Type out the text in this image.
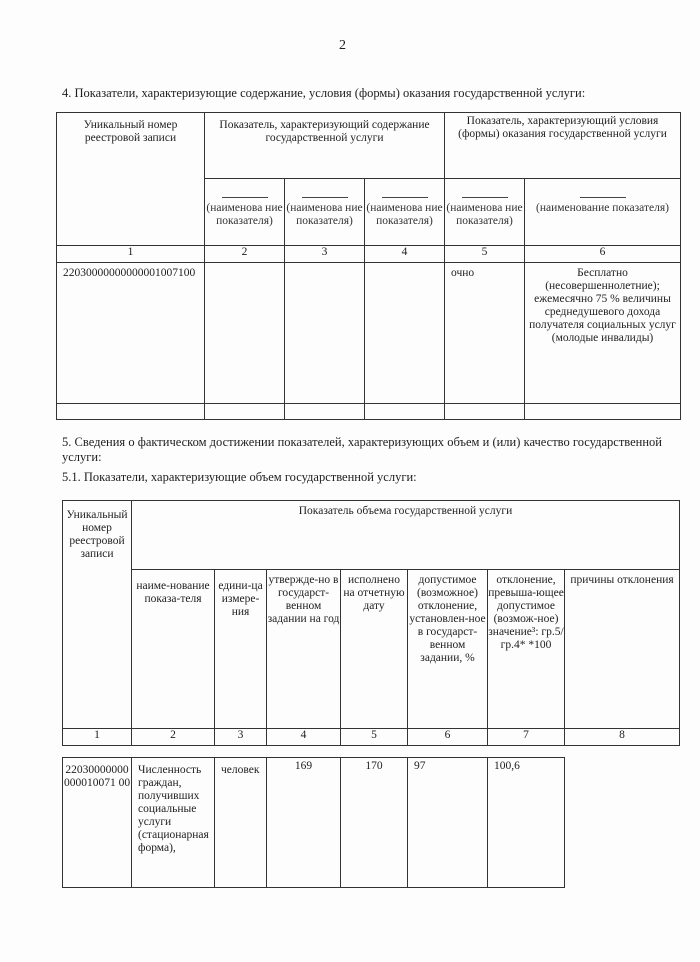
2
4. Показатели, характеризующие содержание, условия (формы) оказания государственной услуги:
Уникальный номер реестровой записи	Показатель, характеризующий содержание государственной услуги			Показатель, характеризующий условия (формы) оказания государственной услуги	

(наименова ние показателя)	(наименова ние показателя)	(наименова ние показателя)	(наименова ние показателя)	(наименование показателя)
1	2	3	4	5	6
22030000000000001007100				очно	Бесплатно (несовершеннолетние); ежемесячно 75 % величины среднедушевого дохода получателя социальных услуг (молодые инвалиды)

5. Сведения о фактическом достижении показателей, характеризующих объем и (или) качество государственной услуги:
5.1. Показатели, характеризующие объем государственной услуги:
Уникальный номер реестровой записи	Показатель объема государственной услуги						
	наиме-нование показа-теля	едини-ца измере-ния	утвержде-но в государст-венном задании на год	исполнено на отчетную дату	допустимое (возможное) отклонение, установлен-ное в государст-венном задании, %	отклонение, превыша-ющее допустимое (возмож-ное) значение³: гр.5/гр.4* *100	причины отклонения
1	2	3	4	5	6	7	8
22030000000000010071 00	Численность граждан, получивших социальные услуги (стационарная форма),	человек	169	170	97	100,6
